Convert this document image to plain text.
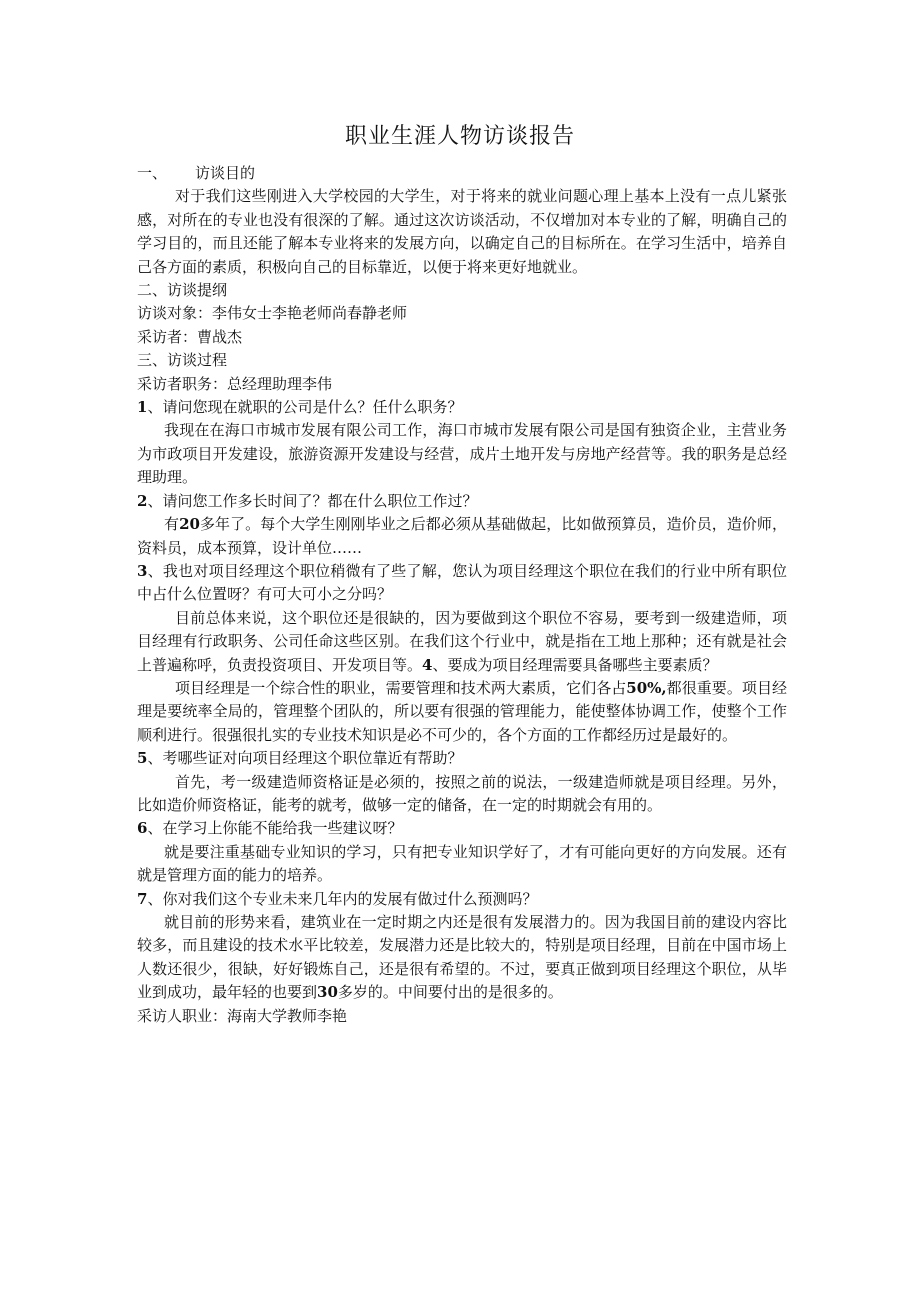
职业生涯人物访谈报告

一、	访谈目的

对于我们这些刚进入大学校园的大学生，对于将来的就业问题心理上基本上没有一点儿紧张感，对所在的专业也没有很深的了解。通过这次访谈活动，不仅增加对本专业的了解，明确自己的学习目的，而且还能了解本专业将来的发展方向，以确定自己的目标所在。在学习生活中，培养自己各方面的素质，积极向自己的目标靠近，以便于将来更好地就业。

二、访谈提纲

访谈对象：李伟女士李艳老师尚春静老师

采访者：曹战杰

三、访谈过程

采访者职务：总经理助理李伟

1、请问您现在就职的公司是什么？任什么职务？

我现在在海口市城市发展有限公司工作，海口市城市发展有限公司是国有独资企业，主营业务为市政项目开发建设，旅游资源开发建设与经营，成片土地开发与房地产经营等。我的职务是总经理助理。

2、请问您工作多长时间了？都在什么职位工作过？

有20多年了。每个大学生刚刚毕业之后都必须从基础做起，比如做预算员，造价员，造价师，资料员，成本预算，设计单位……

3、我也对项目经理这个职位稍微有了些了解，您认为项目经理这个职位在我们的行业中所有职位中占什么位置呀？有可大可小之分吗？

目前总体来说，这个职位还是很缺的，因为要做到这个职位不容易，要考到一级建造师，项目经理有行政职务、公司任命这些区别。在我们这个行业中，就是指在工地上那种；还有就是社会上普遍称呼，负责投资项目、开发项目等。4、要成为项目经理需要具备哪些主要素质？

项目经理是一个综合性的职业，需要管理和技术两大素质，它们各占50%,都很重要。项目经理是要统率全局的，管理整个团队的，所以要有很强的管理能力，能使整体协调工作，使整个工作顺利进行。很强很扎实的专业技术知识是必不可少的，各个方面的工作都经历过是最好的。

5、考哪些证对向项目经理这个职位靠近有帮助？

首先，考一级建造师资格证是必须的，按照之前的说法，一级建造师就是项目经理。另外，比如造价师资格证，能考的就考，做够一定的储备，在一定的时期就会有用的。

6、在学习上你能不能给我一些建议呀？

就是要注重基础专业知识的学习，只有把专业知识学好了，才有可能向更好的方向发展。还有就是管理方面的能力的培养。

7、你对我们这个专业未来几年内的发展有做过什么预测吗？

就目前的形势来看，建筑业在一定时期之内还是很有发展潜力的。因为我国目前的建设内容比较多，而且建设的技术水平比较差，发展潜力还是比较大的，特别是项目经理，目前在中国市场上人数还很少，很缺，好好锻炼自己，还是很有希望的。不过，要真正做到项目经理这个职位，从毕业到成功，最年轻的也要到30多岁的。中间要付出的是很多的。

采访人职业：海南大学教师李艳
